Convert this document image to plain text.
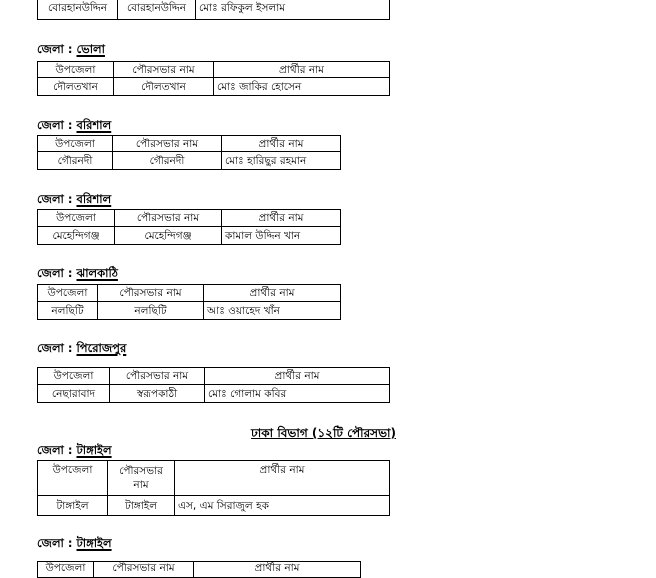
বোরহানউদ্দিন	বোরহানউদ্দিন	মোঃ রফিকুল ইসলাম
জেলা : ভোলা
উপজেলা	পৌরসভার নাম	প্রার্থীর নাম
দৌলতখান	দৌলতখান	মোঃ জাকির হোসেন
জেলা : বরিশাল
উপজেলা	পৌরসভার নাম	প্রার্থীর নাম
গৌরনদী	গৌরনদী	মোঃ হারিছুর রহমান
জেলা : বরিশাল
উপজেলা	পৌরসভার নাম	প্রার্থীর নাম
মেহেন্দিগঞ্জ	মেহেন্দিগঞ্জ	কামাল উদ্দিন খান
জেলা : ঝালকাঠি
উপজেলা	পৌরসভার নাম	প্রার্থীর নাম
নলছিটি	নলছিটি	আঃ ওয়াহেদ খাঁন
জেলা : পিরোজপুর
উপজেলা	পৌরসভার নাম	প্রার্থীর নাম
নেছারাবাদ	স্বরূপকাঠী	মোঃ গোলাম কবির
ঢাকা বিভাগ (১২টি পৌরসভা)
জেলা : টাঙ্গাইল
উপজেলা	পৌরসভার নাম	প্রার্থীর নাম
টাঙ্গাইল	টাঙ্গাইল	এস, এম সিরাজুল হক
জেলা : টাঙ্গাইল
উপজেলা	পৌরসভার নাম	প্রার্থীর নাম
